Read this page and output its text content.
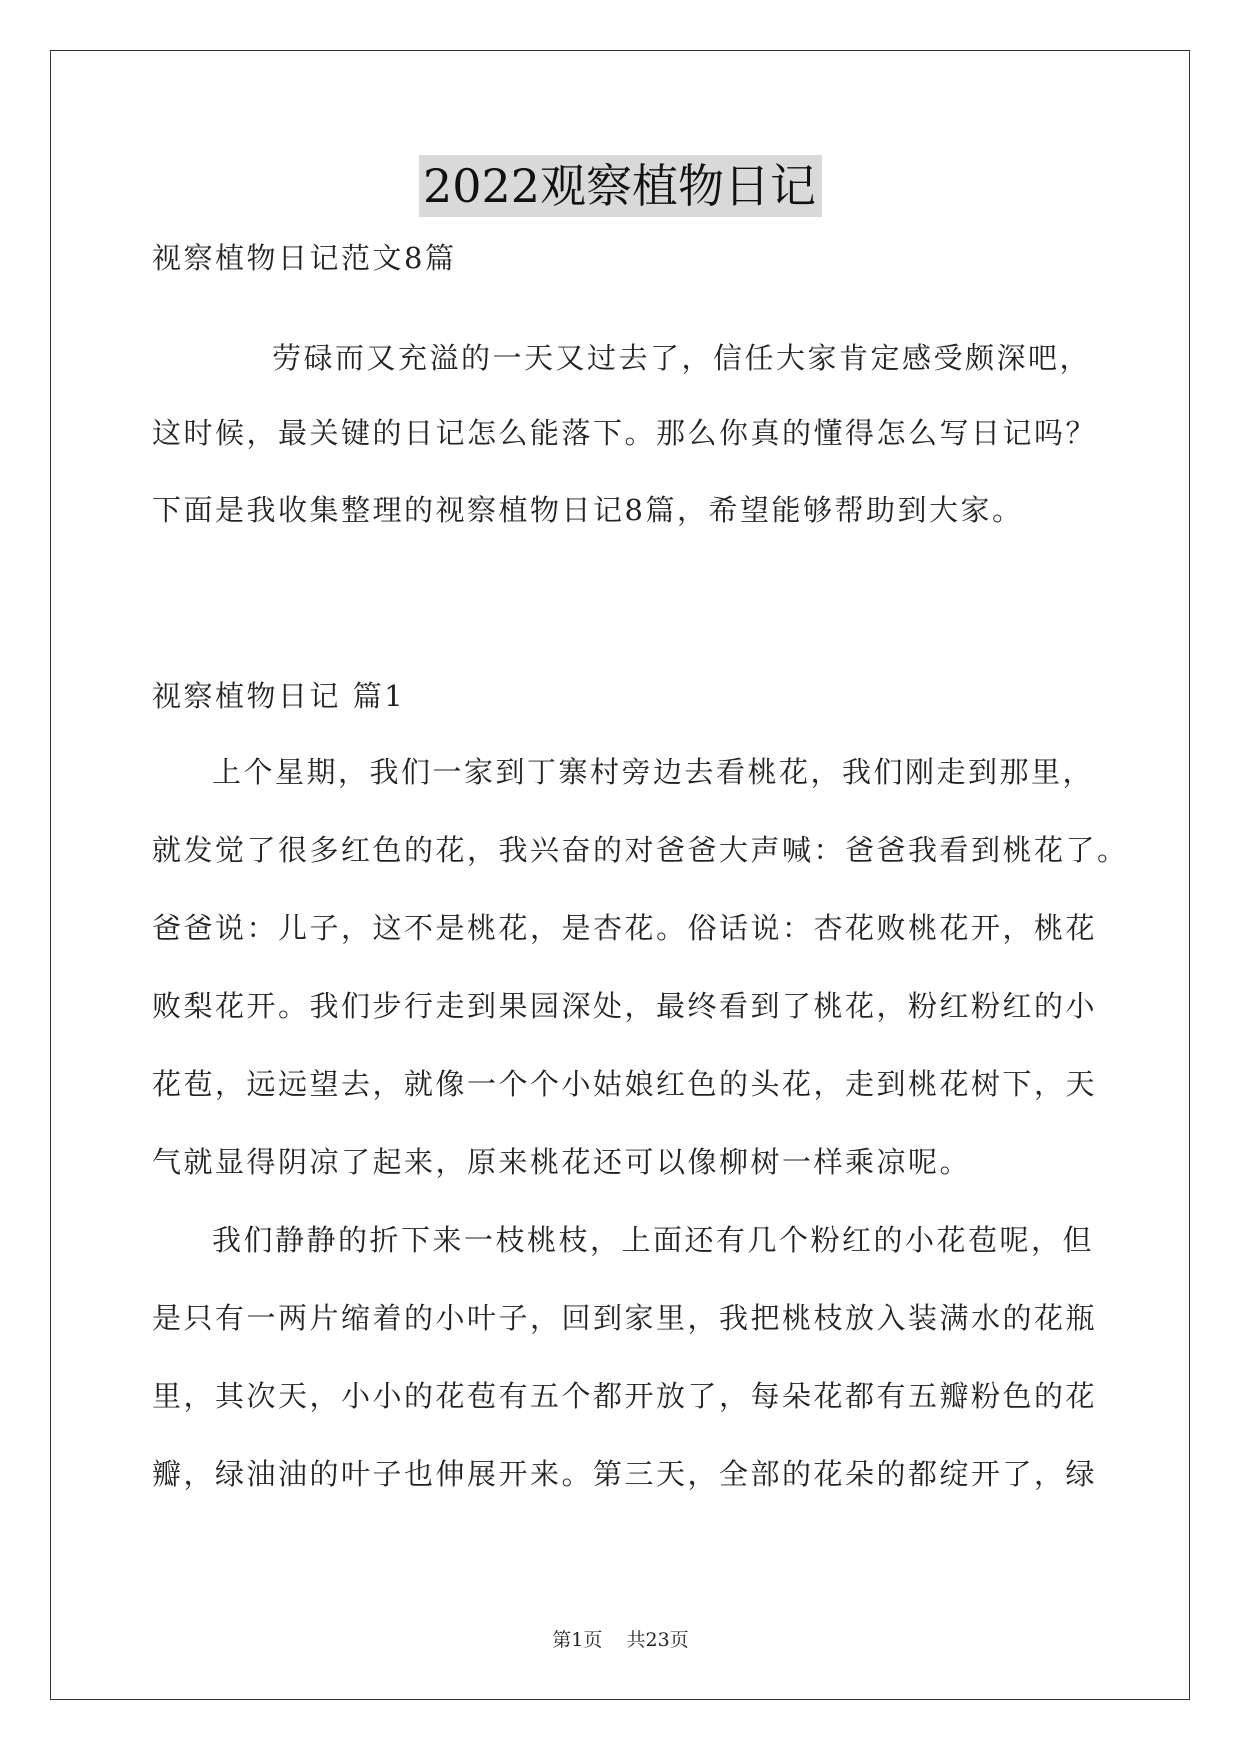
2022观察植物日记
视察植物日记范文8篇
劳碌而又充溢的一天又过去了，信任大家肯定感受颇深吧，
这时候，最关键的日记怎么能落下。那么你真的懂得怎么写日记吗？
下面是我收集整理的视察植物日记8篇，希望能够帮助到大家。
视察植物日记 篇1
上个星期，我们一家到丁寨村旁边去看桃花，我们刚走到那里，
就发觉了很多红色的花，我兴奋的对爸爸大声喊：爸爸我看到桃花了。
爸爸说：儿子，这不是桃花，是杏花。俗话说：杏花败桃花开，桃花
败梨花开。我们步行走到果园深处，最终看到了桃花，粉红粉红的小
花苞，远远望去，就像一个个小姑娘红色的头花，走到桃花树下，天
气就显得阴凉了起来，原来桃花还可以像柳树一样乘凉呢。
我们静静的折下来一枝桃枝，上面还有几个粉红的小花苞呢，但
是只有一两片缩着的小叶子，回到家里，我把桃枝放入装满水的花瓶
里，其次天，小小的花苞有五个都开放了，每朵花都有五瓣粉色的花
瓣，绿油油的叶子也伸展开来。第三天，全部的花朵的都绽开了，绿
第1页 共23页
